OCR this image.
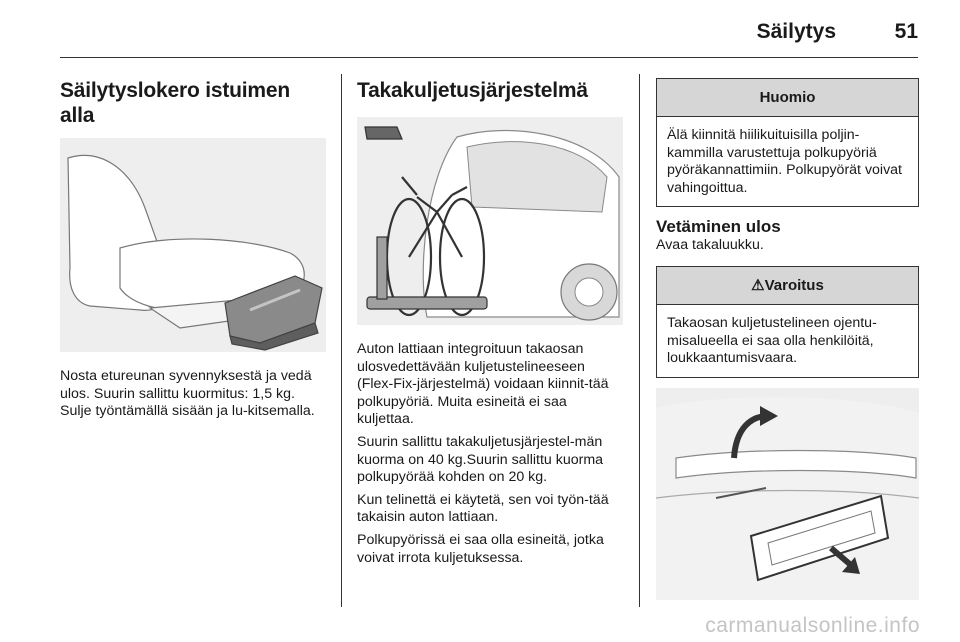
Säilytys	51
Säilytyslokero istuimen alla

Nosta etureunan syvennyksestä ja vedä ulos. Suurin sallittu kuormitus: 1,5 kg. Sulje työntämällä sisään ja lu-kitsemalla.

Takakuljetusjärjestelmä

Auton lattiaan integroituun takaosan ulosvedettävään kuljetustelineeseen (Flex-Fix-järjestelmä) voidaan kiinnit-tää polkupyöriä. Muita esineitä ei saa kuljettaa.

Suurin sallittu takakuljetusjärjestel-män kuorma on 40 kg.Suurin sallittu kuorma polkupyörää kohden on 20 kg.

Kun telinettä ei käytetä, sen voi työn-tää takaisin auton lattiaan.

Polkupyörissä ei saa olla esineitä, jotka voivat irrota kuljetuksessa.

Huomio

Älä kiinnitä hiilikuituisilla poljin-kammilla varustettuja polkupyöriä pyöräkannattimiin. Polkupyörät voivat vahingoittua.

Vetäminen ulos

Avaa takaluukku.

⚠Varoitus

Takaosan kuljetustelineen ojentu-misalueella ei saa olla henkilöitä, loukkaantumisvaara.

carmanualsonline.info
